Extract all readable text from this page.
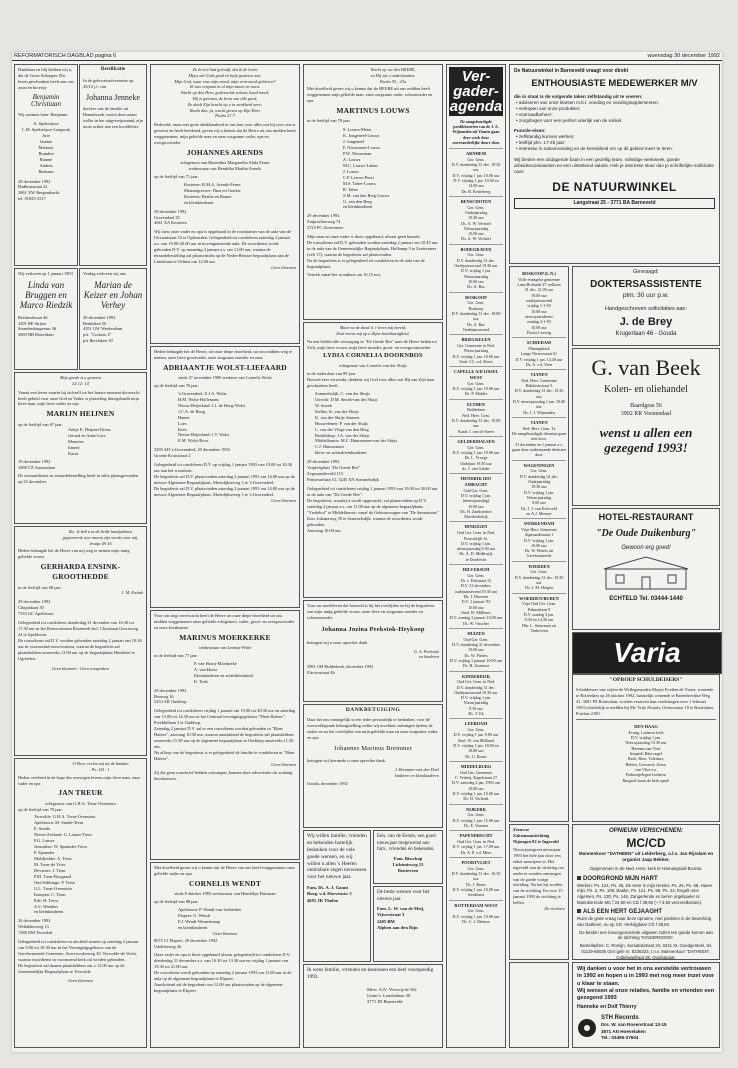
REFORMATORISCH DAGBLAD pagina 6	woensdag 30 december 1992
Dankbaar en blij hebben wij u, dat de Grote Schepper, Die leven geschonken heeft aan ons zoon en broertje
Benjamin Christiaan
Wij noemen hem: Benjamin
A. Spekreijsse
L.M. Spekreijsse-Langerak
Arie
Jantine
Marinus
Brandon
Rianne
Andrea
Bastiaan
28 december 1992
Badhuisstraat 22
2861 XW Bergambacht
tel. 01825-2517
Rectificatie
In de geboorteadvertentie op 29/12 j.l. van
Johanna Jenneke
dochter van de familie uit Bennebroek, moest deze naam welke in het uitgeverijmaand, zijn moet achter aan een hoofdletter.
Wij verloven op 1 januari 1993
Linda van Bruggen en Marco Riedzik
Berdaeshtraat 46
3291 BE Strijen
Strandenburgerum 36
3069 HB Rotterdam
Verdag verloven wij ons
Marian de Keizer en Johan Verhey
30 december 1992
Bentlaken 50
4351 GW Werkendam
p/a. "Cortazo 4"
p/a Berelaken 50
Mijn goede is u geweest
Lk 12: 14
Vanuit een leven waarin hij zichzelf tot het laatste moment doorzocht heeft geheid voor onze God en Vader, is plotseling thuisgehaald mijn lieve man, mijn lieve vader en opa
MARIJN HEIJNEN
op de leeftijd van 67 jaar.
Ankje E. Heijnen-Dreus
Gerard en Anne-Lore
Maureen
Innerd
Karin
19 december 1992
1068 VZ Amsterdam
De uitvaartdienst en teraardebestelling heeft in stilte plaatsgevonden op 23 december.
Zie, ik heb u in de beide handpalmen gegraveerd, uwe muren zijn steeds voor mij.
Jesaja 49:16
Heden behaagde het de Heere van mij weg te nemen mijn innig geliefde vrouw
GERHARDA ENSINK-GROOTHEDDE
in de leeftijd van 68 jaar.
J. M. Ensink
29 december 1992
Chopinlaan 39
7333 GC Apeldoorn
Gelegenheid tot condoleren donderdag 31 december van 16.30 tot 17.30 uur in het Rouwcentrum Rosenvelt-hof, Christiaan Geurtsweg 24 te Apeldoorn.
De rouwdienst zal D.V. worden gehouden zaterdag 2 januari om 10.30 uur in voornoemd rouwcentrum, waarna de begrafenis zal plaatshebben omstreeks 12.00 uur op de begraafplaats Heidehof te Ugchelen.
Geen bloemen - Geen toespraken
O Heer, verlos mij uit de banden
Ps. 141: 1
Heden overleed in de hope des eeuwigen levens mijn lieve man, onze vader en opa
JAN TREUR
echtgenoot van G.H.A. Treur-Ovenstein
op de leeftijd van 70 jaar.
Terwolde: G.H.A. Treur-Ovenstein
Apeldoorn: M. Smide-Treur
E. Smide
Nieuw-Zeeland: G. Lanser-Treur
P.G. Lanser
Jerusalem: W. Spaander-Treur
P. Spaander
Molsbrekke: A. Treur
M. Treur-de Vries
Deventer: J. Treur
P.M. Treur-Boogaard
Oud Sabbinge: P. Treur
G.L. Treur-Ovenstein
Kampen: C. Treur
Ede: H. Treur
A.S. Wanders
en kleinkinderen
26 december 1992
Weltakkerweg 13
7386 NM Terwolde
Gelegenheid tot condoleren en afscheid nemen op zaterdag 2 januari van 9.00 tot 10.30 uur in het Verenigingsgebouw van de Gereformeerde Gemeente, Avervoordseweg 30, Terwolde-de Vecht, waarna rouwdienst in voornoemd kerk zal worden gehouden.
De begrafenis zal daarna plaatshebben om ± 12.00 uur op de Gemeentelijke Begraafplaats te Terwolde.
Geen bloemen
Zo ik niet had geloofd, dat ik de loven
Mijns zal Gods goed en hulp genieten zou,
Mijn God, waar was mijn moed, mijn vertrouwd gebleven?
Ik was vergaan in al mijn smart en rouw.
Wacht op den Heer, godvruchte schaar, houd moed,
Hij is getrouw, de bron van alle goed,
Zo daalt Zijn kracht op u in zwakheid neer;
Wacht dan, ja, wacht gerust op Zijn Heer.
Psalm 27:7
Bedroefd, maar met grote dankbaarheid in ons hart voor alles wat hij voor ons is geweest en heeft betekend, geven wij u kennis dat de Heere uit ons midden heeft weggenomen, mijn geliefde man en onze zorgzame vader, opa en overgrootvader
JOHANNES ARENDS
echtgenoot van Barendina Margaretha Alida Fenes
weduwnaar van Hendrika Martha Arends
op de leeftijd van 71 jaar.
Kesteren: B.M.A. Arends-Fenes
Monstegrevoer: Dina en Gradus
Kesteren: Bertha en Ronne
en kleinkinderen
29 december 1992
Gravendaal 25
4041 XA Kesteren
Wij zien, onze vader en opa is opgebaard in de rouwkamer van de aula van de Uitvaartstaat 53 te Opheusden. Gelegenheid tot condoleren zaterdag 2 januari a.s. van 19.00-20.00 uur in bovengenoemde aula. De rouwdienst wordt gehouden D.V. op maandag 4 januari a.s. om 11.00 uur, waarna de teraardebestelling zal plaatsvinden op de Neder-Betuwe begraafplaats aan de Linteltraat te Ochten om 12.00 uur.
Geen bloemen
Heden behaagde het de Heere, tot onze diepe droefheid, uit ons midden weg te nemen, onze lieve grootvader, onze zorgzame moeder en oma
ADRIAANTJE WOLST-LIEFAARD
sinds 27 november 1989 weduwe van Cornelis Wolst
op de leeftijd van 76 jaar.
's-Gravendeel: Z.J.A. Wolst
H.M. Wolst-Hollemans
Nieuw-Beijerland: J.J. de Hoog-Wolst
J.C.A. de Hoog
Hanne
Loes
Kees
Nieuw-Beijerland: J.T. Wolst
E.M. Wolst-Roos
3295 AH 's-Gravendeel, 29 december 1992
Groene Kruisstraat 2
Gelegenheid tot condoleren D.V. op vrijdag 1 januari 1993 van 19.00 tot 20.30 uur aan het woonhuis.
De begrafenis zal D.V. plaatsvinden zaterdag 2 januari 1993 om 14.00 uur op de nieuwe Algemene Begraafplaats, Moerdijkseweg 3 te 's-Gravendeel.
De begrafenis zal D.V. plaatsvinden zaterdag 2 januari 1993 om 14.00 uur op de nieuwe Algemene Begraafplaats, Moerdijkseweg 3 te 's-Gravendeel.
Geen bloemen
Voor ons nog onverwacht heeft de Heere tot onze diepe droefheid uit ons midden weggenomen onze geliefde echtgenoot, vader, groot- en overgrootvader en onze kostbaarste
MARINUS MOERKERKE
weduwnaar van Leentje Witte
in de leeftijd van 77 jaar.
P. van Hoost-Moerkerke
A. van Hoost
Kleinkinderen en achterkleinkind
K. Teeb
29 december 1992
Beaweg 16
3253 AR Ouddorp
Gelegenheid tot condoleren vrijdag 1 januari om 19.00 tot 20.30 uur en zaterdag van 13.00 tot 14.30 uur in het Centraal verenigingsgebouw "Eben Haëzer", Preekhillaan 3 te Ouddorp.
Zaterdag 2 januari D.V. zal er een rouwdienst worden gehouden in "Eben Haëzer", aanvang 10.30 uur, waarna aansluitend de begrafenis zal plaatshebben omstreeks 11.30 uur op de algemene begraafplaats te Ouddorp omstreeks 11.30 uur.
Na afloop van de begrafenis is er gelegenheid de familie te condoleren in "Eben Haëzer".
Geen bloemen
Zij die geen rouwbrief hebben ontvangen, kunnen deze advertentie als zodanig beschouwen.
Met droefheid geven wij u kennis dat de Heere van ons heeft weggenomen onze geliefde vader en opa
CORNELIS WENDT
sinds 8 oktober 1983 weduwnaar van Hendrikje Huisman
op de leeftijd van 88 jaar.
Apeldoorn: P. Wendt-van Iselsteden
Elspeet: G. Wendt
F.J. Wendt-Wenterkamp
en kleinkinderen
Geen bloemen
8075 CJ Elspeet, 29 december 1992
Uddelseweg 26
Onze vader en opa is thuis opgebaard alwaar gelegenheid tot condoleren D.V. donderdag 31 december a.s. van 16.30 tot 13.30 uur en vrijdag 1 januari van 19.30 tot 21.00 uur.
De rouwdienst wordt gehouden op zaterdag 2 januari 1993 om 11.00 uur in de aula op de algemene begraafplaats te Elspeet.
Aansluitend zal de begrafenis om 12.00 uur plaatsvinden op de algemene begraafplaats te Elspeet.
Wacht op uw den HEERE,
en Hij zal u onderhouden.
Psalm 55 : 23a
Met droefheid geven wij u kennis dat de HEERE uit ons midden heeft weggenomen mijn geliefde man, onze zorgzame vader, schoonvader en opa
MARTINUS LOUWS
in de leeftijd van 78 jaar.
S. Louws-Meter
K. Jongeneel-Louws
J. Jongeneel
F. Nieuwman-Louws
P.W. Nieuwman
A. Louws
M.C. Louws-Laban
J. Louws
C.P. Louws-Poort
M.S. Taber-Louws
R. Taber
S.M. van den Berg-Louws
G. van den Berg
en kleinkinderen
29 december 1992
Zuiprachterweg 74
2725 PC Zoetermeer
Mijn man en onze vader is thuis opgebaard, alwaar geen bezoek.
De rouwdienst zal D.V. gehouden worden zaterdag 2 januari om 10.45 uur in de aula van de Gemeentelijke Begraafplaats, Hofkamp 3 te Zoetermeer (velt 17), waarna de begrafenis zal plaatsvinden.
Na de begrafenis is er gelegenheid tot condoleren in de aula van de begraafplaats.
Vertrek vanaf het woonhuis om 10.15 uur.
Maar nu de dood is 't leven mij bereid,
Zoal mernt mij op u Zijne barmhartigheid.
Na een liefdevolle verzorging in "De Goede Ree" nam de Heere heden tot Zich, mijn lieve vrouw, mijn lieve moeder, groot- en overgrootmoeder
LYDIA CORNELIA DOORNBOS
echtgenote van Cornelis van der Sluijs
in de ouderdom van 89 jaar.
Hoewel zeer verzwakt, dankten wij God voor alles wat Hij aan Zijn haar geschonken heeft.
Sommelsdijk: C. van der Sluijs
Utrecht: D.M. Snoek-van der Sluijs
W. Snoek
Stellas: K. van der Sluijs
K. van der Sluijs-Janssen
Houwelenen: P. van der Sluijs
L. van der Vlugt-van den Berg
Boeldidorp: J.A. van der Sluijs
Middelharnis: M.C. Hanssensen-van der Sluijs
C.J. Hanssensen
klein- en achterkleinkinderen
29 december 1992
Verpleeghuis "De Goede Ree"
Zegwaarderveld 115
Prinsesselaan 51, 3245 XN Sommelsdijk
Gelegenheid tot condoleren vrijdag 1 januari 1993 van 19.00 tot 20.00 uur in de aula van "De Goede Ree".
De begrafenis, waarbij u wordt opgewacht, zal plaatsvinden op D.V. zaterdag 2 januari a.s. om 11.00 uur op de algemene begraafplaats "Vredehof" te Middelharnis; vanaf de Gebuurswagen van "De Samaritaan" Kon. Julianaweg 39 te Sommelsdijk, waarna de rouwdienst wordt gehouden.
Aanvang 10.00 uur.
Voor uw medeleven dat betoond is bij het overlijden en bij de begrafenis van mijn innig geliefde vrouw, onze lieve en zorgzame moeder en schoonmoeder
Johanna Jozina Peekstok-Heykoop
betuigen wij u onze oprechte dank.
G. A. Peekstok
en kinderen
2981 GH Ridderkerk, december 1992
Electrostraat 4b
DANKBETUIGING
Daar het ons onmogelijk is een ieder persoonlijk te bedanken, voor de overweldigende belangstelling welke wij mochten ontvangen tijdens de ziekte en na het overlijden van mijn geliefde man en onze zorgzame vader en opa
Johannes Marinus Bremmer
betuigen wij hiermede u onze oprechte dank.
J. Bremmer-van den Doel
kinderen en kleinkinderen
Gouda, december 1992
Wij willen familie, vrienden en bekenden hartelijk bedanken voor de vele goede wensen, en wij willen u allen 's Heeren onmisbare zegen toewensen voor het nieuwe jaar.
Fam. Ds. A. J. Gaunt
Burg. v.d. Hoevenstr. 5
4691 JK Tholen
Een, van de Eerste, een goed nieuwjaar toegewenst aan fam., vrienden en bekenden.
Fam. Bisschop
Lichtmisweg 15
Benteveen
De beste wensen voor het nieuwe jaar.
Fam. L. W. van de Meij,
Vijverstraat 3
2405 BM
Alphen aan den Rijn
Ik wens familie, vrienden en kennissen een heel voorspoedig 1993.
Mevr. A.N. Verweij-de Wit
Grunt v. Lyndenlaan 38
3771 JD Barneveld
Ver-gader-agenda
De aangekondigde predikbeurten van de J. A. Wijnanden uit Vianen gaan deze week door onveranderlijke doorr door
ARNHEM
Ger. Gem.
D.V. donderdag 31 dec. 19.30 uur
D.V. vrijdag 1 jan. 10.00 uur
D.V. vrijdag 1 jan. 10.00 en 14.00 uur
Ds. B. Ketterberg
BENSCHOTEN
Ger. Gem.
Oudejaarsdag
19.30 uur
Ds. A. W. Verhoef
Nieuwjaarsdag
10.00 uur
Ds. A. W. Verhoef
BODEGRAVEN
Ger. Gem.
D.V. donderdag 31 dec. Oudejaarsavond 19.30 uur
D.V. vrijdag 1 jan. Nieuwjaarsdag
10.00 uur
Ds. A. Bac
BOSKOOP
Ger. Gem.
Boskoop
D.V. donderdag 31 dec. 19.00 uur
Ds. A. Bac
Oudejaarsavond
BRIELKELEN
Ger. Gemeente in Ned.
Nieuwjaarsdag
D.V. vrijdag 1 jan. 10.00 uur
Stud. J.C. v.d. Roest
CAPELLE A/D IJSSEL WEST
Ger. Gem.
D.V. vrijdag 1 jan. 10.00 uur
Ds. P. Mulder
ELTHEN
Bethlehem
Ned. Herv. Gem.
D.V. donderdag 31 dec. 19.00 uur
Kand. J. van de Street
GELDERMALSEN
Ger. Gem.
D.V. vrijdag 1 jan. 10.00 uur
Ds. L. Vroege
Oudejaar 19.30 uur
ds. J. van Gelder
HENDRIK IDO AMBACHT
Oud Ger. Gem.
D.V. vrijdag 1 jan. (nieuwjaarsdag)
10.00 uur
Ds. H. Zandrietfort
Moerkerkelijk
HINKIGEN
Oud Ger. Gem. in Ned.
Postschrijlt Sr.
D.V. vrijdag 1 jan.
nieuwjaarsdag 9.30 uur
Ds. A. D. Medhwijk
te Dordrecht
HILVERSUM
Ger. Gem.
Dr. v. Eekstraat 15
D.V. 31 december,
oudejaarsavond 19.30 uur
Ds. J. Driessen
D.V. 1 januari '93
10.00 uur
Stud. W. Millbees
D.V. zondag 3 januari 10.00 uur
Ds. W. Visscher
HUIZEN
Oud Ger. Gem.
D.V. donderdag 31 december 19.00 uur
Ds. W. Pieters
D.V. vrijdag 1 januari 10.00 uur
Ds. H. Zoomwa
KINDERDIJK
Oud Ger. Gem. in Ned.
D.V. donderdag 31 dec. Oudejaarsavond 19.30 uur
D.V. vrijdag 1 jan. Nieuwjaarsdag
9.30 uur
Ds. T. Ek
LEERDAM
Ger. Gem.
D.V. vrijdag 1 jan. 9.00 uur
Stud. W. van Millaard
D.V. vrijdag 1 jan. 18.00 en 18.00 uur
Ds. G. Bouw
MIDDELBURG
Oud Ger. Gemeente
C. Verbeij, Kapelstraat 27
D.V. zaterdag 2 jan. 1993 om 19.00 uur
D.V. vrijdag 1 jan. 10.00 uur
Ds. D. Verhoek
NIJKERK
Ger. Gem.
D.V. vrijdag 1 jan. 15.00 uur
Ds. E. Venema
PAPENDRECHT
Oud Ger. Gem. in Ned.
D.V. vrijdag 1 jan. 17.00 uur
Ds. A. P. v.d. Meer
POORTVLIET
Ger. Gem.
D.V. donderdag 31 dec. 16.30 uur
Ds. J. Boers
D.V. vrijdag 1 jan. 10.00 uur
leesdienst
ROTTERDAM-WEST
Ger. Gem.
D.V. vrijdag 1 jan. 10.00 uur
Ds. C. J. Meeuse
De Natuurwinkel in Barneveld vraagt voor direkt
ENTHOUSIASTE MEDEWERKER M/V
die in staat is de volgende taken zelfstandig uit te voeren:
• adviseren van onze klanten m.b.t. voeding en voedingsupplementen;
• verkopen van onze produkten;
• voorraadbeheer;
• zorgdragen voor een perfect uiterlijk van de winkel.
Functie-eisen:
• zelfstandig kunnen werken;
• leeftijd plm. 17-25 jaar;
• interesse in natuurvoeding en de bereidheid om op dit gebied meer te leren.
Wij bieden een uitdagende baan in een gezellig team, volledige werkweek, goede arbeidsvoorwaarden en een uitstekend salaris. Heb je interesse stuur dan je schriftelijke sollicitatie naar:
DE NATUURWINKEL
Langstraat 25 - 3771 BA Barneveld
BOSKOOP (L.N.)
Volle evangelie gemeente
Laan Hofstede 27 welkom
31 dec. 21.00 uur
19.00 uur
oudejaarsavond
vrijdag 1-1-93
10.00 uur
nieuwjaarsdienst
zondag 3-1-93
10.00 uur
Pastor Leesvig
SCHIEDAM
Plantagekerk
Lange Nieuwstraat 61
D.V. vrijdag 1 jan. 14.30 uur
Ds. A. v.d. Veen
VIANEN
Ned. Herv. Gemeente
Hakkestrstraat 5
D.V. donderdag 31 dec. 19.30 uur
D.V. nieuwjaarsdag 1 jan. 10.00 uur
Ds. J. J. Wijnanden
VIANEN
Ned. Herv. Gem. Tz
De aangekondigde diensten gaan niet door.
31 december en 1 januari a.s. gaan deze onderstaande diensten door
WAGENINGEN
Ger. Gem.
D.V. donderdag 31 dec.
Oudejaarsdag
19.30 uur
D.V. vrijdag 1 jan.
Nieuwjaarsdag
9.00 uur
Ds. J. J. van Eckeveld
en A.J. Meeuse
WERKENDAM
Vrije Herv. Gemeente
Sigmundsstraat 1
D.V. vrijdag 1 jan.
10.00 uur
Ds. W. Pieters uit
Gereformeerde
WIERDEN
Ger. Gem.
D.V. donderdag 31 dec. 19.30 uur
Ds. J. M. Helgen
WOERDEN/BUREN
Vrije Oud Ger. Gem.
Palmenlaan 9
D.V. zondag 3 jan.
9.30 en 14.30 uur
Dhr. L. Stuurman uit
Vinkeveen
Gevraagd:
DOKTERSASSISTENTE
plm. 30 uur p.w.
Handgeschreven sollicitaties aan:
J. de Brey
Krugerlaan 46 - Gouda
G. van Beek
Kolen- en oliehandel
Baardgras 56
3902 RR Veenendaal
wenst u allen een gezegend 1993!
HOTEL-RESTAURANT
"De Oude Duikenburg"
Gewoon erg goed!
ECHTELD Tel. 03444-1440
Varia
"OPROEP SCHULDEISERS"
Schuldeisers van wijlen de Wellegenanden Marjet Evelien de Visser, wonende te Rotterdam op 26 oktober 1992, laatstelijk wonende te Barendrechtse Weg 41, 3081 PZ Rotterdam, worden verzocht hun vorderingen voor 1 februari 1993 schriftelijk te melden bij Mr. Vrije Notaris, Oosterstraat 10 te Rotterdam, Postbus 2100.
DEN HAAG
Evang. Lutherse kerk
D.V. vrijdag 1 jan.
Nieuwjaarsdag 15.30 uur
Herman van Vliet
bespeelt Bätz-orgel
Bach, Buxt, Voleimer,
Helfen, Coevaerd, Avisz,
van Vliet e.a.
Parkeergelegen Lutherse
Burgwal staan de kerk open!
Zeeuwse Zakenmanstichting Nijmegen 82 te Ingevuld
Nieuwjaarsgroet nieuwjaar 1993 het hele jaar door een enkel aanwijzen er. Het ingevuld van de stichting om onder te worden ontvangen van de goede vorige inleiding. Na het bij worden van de stichting. En voor 15 januari 1993 de stichting te bellen.
De stichters
OPNIEUW VERSCHENEN:
MC/CD
Mannenkoor "DATHEEN" uit Lelderberg, o.l.v. Jan Rijsdam en organist Jaap Bekker.
Opgenomen in de Ned. Herv. kerk te Harnasgraaf-Bruinis.
DOORGROND MIJN HART
Werken: Ps. 124, Ps. 26, De Heer is mijn Herder, Ps. 26, Ps. 68, Haeer mijn, Ps. 3, Ps. 108, Baake, Ps. 121, Ps. 98, Ps. 24, Engelt uree Algemen, Ps. 130, Ps. 146. Zangerlende en beren orgelspeler is: Mannkorende MC f 24,50 en CD f 39,50 (+ f 3,50 verzendkosten).
ALS EEN HERT GEJAAGHT
Ruim de grote vraag naar deze opname, met psalmen in de bewerking van Datheen, nu op CD. Verkrijgbaar CD f 39,50.
De beiden een bovengenoemde uitgaven zullen ten goede komen aan de stichting "KINDERNOOD".
Bestelladres: C. Romijn, Sumatrastraat 34, 3241 XL Goedgenteel, tel. 01119-66035 Giro gele nr. 5236323, t.n.v. Mannenkoor "DATHEEN", Cabelwagfraat 38, Ooglopgaat.
Wij danken u voor het in ons eerstelde vertrouwen in 1992 en hopen u in 1993 met nog meer inzet voor u klaar te staan.
Wij wensen al onze relaties, familie en vrienden een gezegend 1993
Hanneke en Dolf Thierry
STH Records
Drs. W. van Rosenstraat 13-15
3871 AN Hoevelaken
Tel.: 03495-37604
